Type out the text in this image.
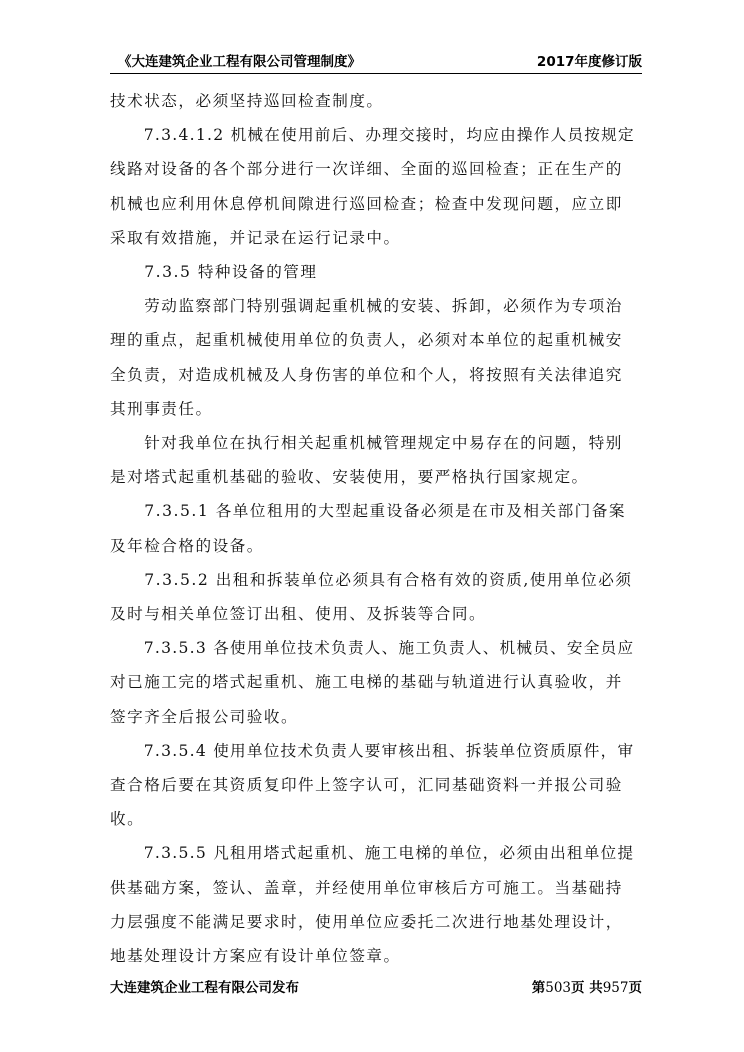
《大连建筑企业工程有限公司管理制度》	2017年度修订版

技术状态，必须坚持巡回检查制度。

　　7.3.4.1.2 机械在使用前后、办理交接时，均应由操作人员按规定

线路对设备的各个部分进行一次详细、全面的巡回检查；正在生产的

机械也应利用休息停机间隙进行巡回检查；检查中发现问题，应立即

采取有效措施，并记录在运行记录中。

　　7.3.5 特种设备的管理

　　劳动监察部门特别强调起重机械的安装、拆卸，必须作为专项治

理的重点，起重机械使用单位的负责人，必须对本单位的起重机械安

全负责，对造成机械及人身伤害的单位和个人，将按照有关法律追究

其刑事责任。

　　针对我单位在执行相关起重机械管理规定中易存在的问题，特别

是对塔式起重机基础的验收、安装使用，要严格执行国家规定。

　　7.3.5.1 各单位租用的大型起重设备必须是在市及相关部门备案

及年检合格的设备。

　　7.3.5.2 出租和拆装单位必须具有合格有效的资质,使用单位必须

及时与相关单位签订出租、使用、及拆装等合同。

　　7.3.5.3 各使用单位技术负责人、施工负责人、机械员、安全员应

对已施工完的塔式起重机、施工电梯的基础与轨道进行认真验收，并

签字齐全后报公司验收。

　　7.3.5.4 使用单位技术负责人要审核出租、拆装单位资质原件，审

查合格后要在其资质复印件上签字认可，汇同基础资料一并报公司验

收。

　　7.3.5.5 凡租用塔式起重机、施工电梯的单位，必须由出租单位提

供基础方案，签认、盖章，并经使用单位审核后方可施工。当基础持

力层强度不能满足要求时，使用单位应委托二次进行地基处理设计，

地基处理设计方案应有设计单位签章。

大连建筑企业工程有限公司发布	第503页 共957页
